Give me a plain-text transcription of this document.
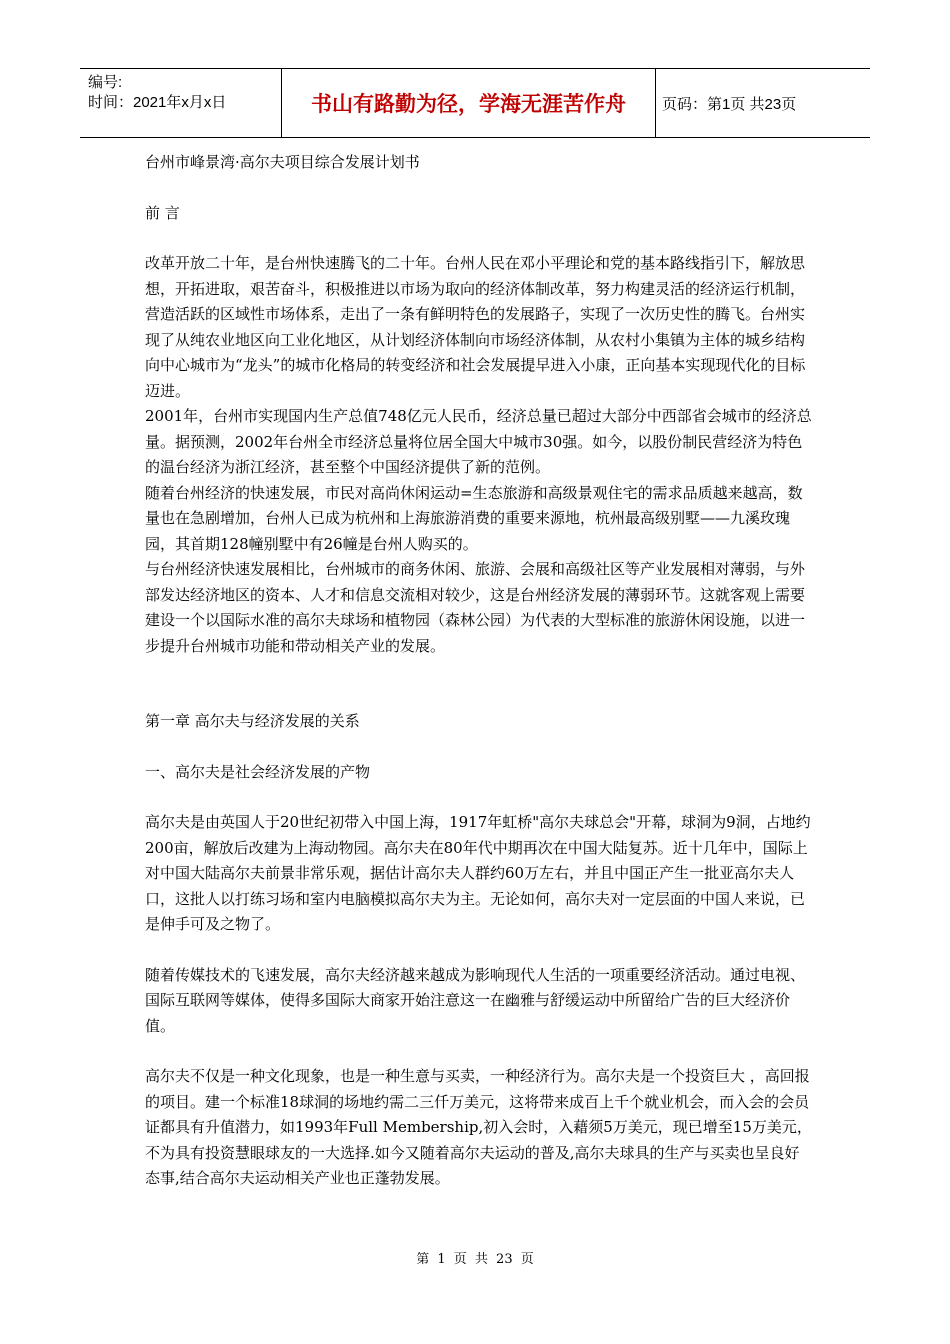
编号:
时间：2021年x月x日	书山有路勤为径，学海无涯苦作舟	页码：第1页 共23页

台州市峰景湾·高尔夫项目综合发展计划书

前 言

改革开放二十年，是台州快速腾飞的二十年。台州人民在邓小平理论和党的基本路线指引下，解放思想，开拓进取，艰苦奋斗，积极推进以市场为取向的经济体制改革，努力构建灵活的经济运行机制，营造活跃的区域性市场体系，走出了一条有鲜明特色的发展路子，实现了一次历史性的腾飞。台州实现了从纯农业地区向工业化地区，从计划经济体制向市场经济体制，从农村小集镇为主体的城乡结构向中心城市为“龙头”的城市化格局的转变经济和社会发展提早进入小康，正向基本实现现代化的目标迈进。

2001年，台州市实现国内生产总值748亿元人民币，经济总量已超过大部分中西部省会城市的经济总量。据预测，2002年台州全市经济总量将位居全国大中城市30强。如今，以股份制民营经济为特色的温台经济为浙江经济，甚至整个中国经济提供了新的范例。

随着台州经济的快速发展，市民对高尚休闲运动=生态旅游和高级景观住宅的需求品质越来越高，数量也在急剧增加，台州人已成为杭州和上海旅游消费的重要来源地，杭州最高级别墅——九溪玫瑰园，其首期128幢别墅中有26幢是台州人购买的。

与台州经济快速发展相比，台州城市的商务休闲、旅游、会展和高级社区等产业发展相对薄弱，与外部发达经济地区的资本、人才和信息交流相对较少，这是台州经济发展的薄弱环节。这就客观上需要建设一个以国际水准的高尔夫球场和植物园（森林公园）为代表的大型标准的旅游休闲设施，以进一步提升台州城市功能和带动相关产业的发展。

第一章 高尔夫与经济发展的关系

一、高尔夫是社会经济发展的产物

高尔夫是由英国人于20世纪初带入中国上海，1917年虹桥"高尔夫球总会"开幕，球洞为9洞，占地约200亩，解放后改建为上海动物园。高尔夫在80年代中期再次在中国大陆复苏。近十几年中，国际上对中国大陆高尔夫前景非常乐观，据估计高尔夫人群约60万左右，并且中国正产生一批亚高尔夫人口，这批人以打练习场和室内电脑模拟高尔夫为主。无论如何，高尔夫对一定层面的中国人来说，已是伸手可及之物了。

随着传媒技术的飞速发展，高尔夫经济越来越成为影响现代人生活的一项重要经济活动。通过电视、国际互联网等媒体，使得多国际大商家开始注意这一在幽雅与舒缓运动中所留给广告的巨大经济价值。

高尔夫不仅是一种文化现象，也是一种生意与买卖，一种经济行为。高尔夫是一个投资巨大 ，高回报的项目。建一个标准18球洞的场地约需二三仟万美元，这将带来成百上千个就业机会，而入会的会员证都具有升值潜力，如1993年Full Membership,初入会时，入藉须5万美元，现已增至15万美元，不为具有投资慧眼球友的一大选择.如今又随着高尔夫运动的普及,高尔夫球具的生产与买卖也呈良好态事,结合高尔夫运动相关产业也正蓬勃发展。

第 1 页 共 23 页
